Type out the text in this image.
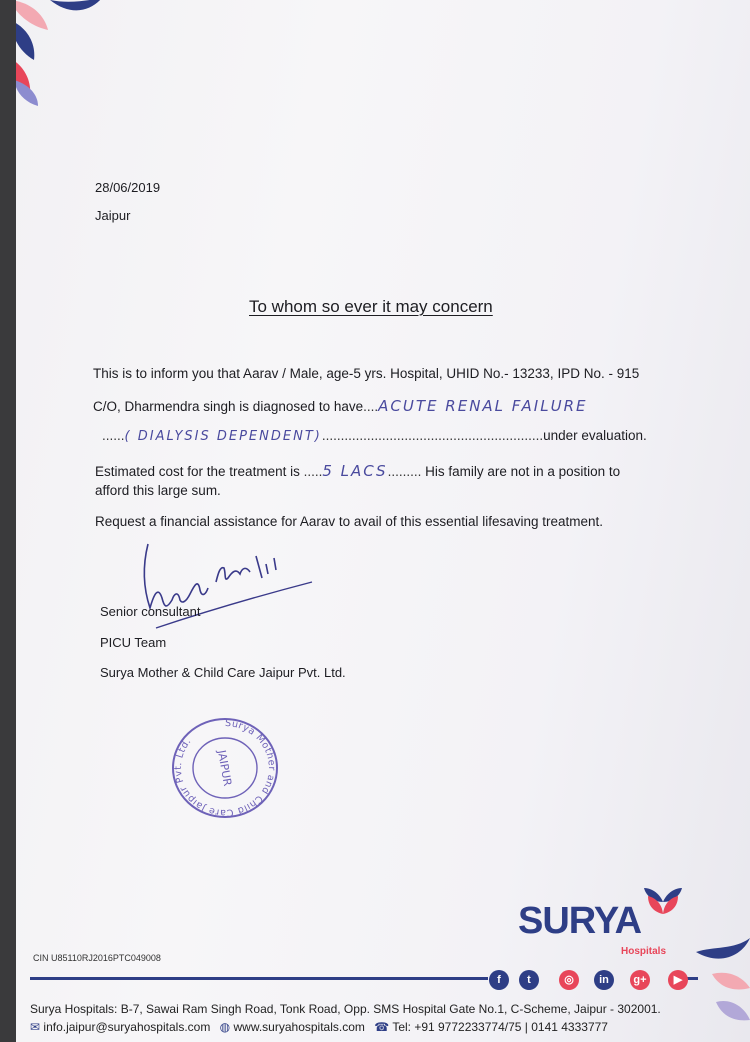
28/06/2019
Jaipur
To whom so ever it may concern
This is to inform you that Aarav / Male, age-5 yrs. Hospital, UHID No.- 13233, IPD No. - 915
C/O, Dharmendra singh is diagnosed to have....ACUTE RENAL FAILURE
......( DIALYSIS DEPENDENT)...........................................................under evaluation.
Estimated cost for the treatment is .....5 LACS......... His family are not in a position to
afford this large sum.
Request a financial assistance for Aarav to avail of this essential lifesaving treatment.
Senior consultant
PICU Team
Surya Mother & Child Care Jaipur Pvt. Ltd.
Surya Mother and Child Care Jaipur Pvt. Ltd.
JAIPUR
SURYA
Hospitals
CIN U85110RJ2016PTC049008
f	t	◎	in	g+	▶
Surya Hospitals: B-7, Sawai Ram Singh Road, Tonk Road, Opp. SMS Hospital Gate No.1, C-Scheme, Jaipur - 302001.
✉ info.jaipur@suryahospitals.com ◍ www.suryahospitals.com ☎ Tel: +91 9772233774/75 | 0141 4333777
